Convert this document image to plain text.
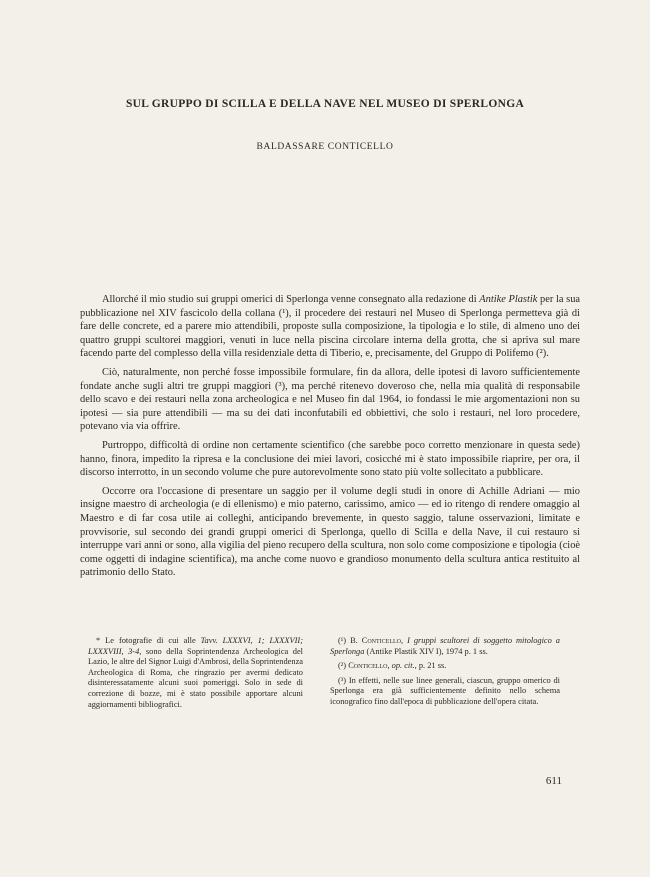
SUL GRUPPO DI SCILLA E DELLA NAVE NEL MUSEO DI SPERLONGA
BALDASSARE CONTICELLO

Allorché il mio studio sui gruppi omerici di Sperlonga venne consegnato alla redazione di Antike Plastik per la sua pubblicazione nel XIV fascicolo della collana (¹), il procedere dei restauri nel Museo di Sperlonga permetteva già di fare delle concrete, ed a parere mio attendibili, proposte sulla composizione, la tipologia e lo stile, di almeno uno dei quattro gruppi scultorei maggiori, venuti in luce nella piscina circolare interna della grotta, che si apriva sul mare facendo parte del complesso della villa residenziale detta di Tiberio, e, precisamente, del Gruppo di Polifemo (²).

Ciò, naturalmente, non perché fosse impossibile formulare, fin da allora, delle ipotesi di lavoro sufficientemente fondate anche sugli altri tre gruppi maggiori (³), ma perché ritenevo doveroso che, nella mia qualità di responsabile dello scavo e dei restauri nella zona archeologica e nel Museo fin dal 1964, io fondassi le mie argomentazioni non su ipotesi — sia pure attendibili — ma su dei dati inconfutabili ed obbiettivi, che solo i restauri, nel loro procedere, potevano via via offrire.

Purtroppo, difficoltà di ordine non certamente scientifico (che sarebbe poco corretto menzionare in questa sede) hanno, finora, impedito la ripresa e la conclusione dei miei lavori, cosicché mi è stato impossibile riaprire, per ora, il discorso interrotto, in un secondo volume che pure autorevolmente sono stato più volte sollecitato a pubblicare.

Occorre ora l'occasione di presentare un saggio per il volume degli studi in onore di Achille Adriani — mio insigne maestro di archeologia (e di ellenismo) e mio paterno, carissimo, amico — ed io ritengo di rendere omaggio al Maestro e di far cosa utile ai colleghi, anticipando brevemente, in questo saggio, talune osservazioni, limitate e provvisorie, sul secondo dei grandi gruppi omerici di Sperlonga, quello di Scilla e della Nave, il cui restauro si interruppe vari anni or sono, alla vigilia del pieno recupero della scultura, non solo come composizione e tipologia (cioè come oggetti di indagine scientifica), ma anche come nuovo e grandioso monumento della scultura antica restituito al patrimonio dello Stato.

* Le fotografie di cui alle Tavv. LXXXVI, 1; LXXXVII; LXXXVIII, 3-4, sono della Soprintendenza Archeologica del Lazio, le altre del Signor Luigi d'Ambrosi, della Soprintendenza Archeologica di Roma, che ringrazio per avermi dedicato disinteressatamente alcuni suoi pomeriggi. Solo in sede di correzione di bozze, mi è stato possibile apportare alcuni aggiornamenti bibliografici.

(¹) B. Conticello, I gruppi scultorei di soggetto mitologico a Sperlonga (Antike Plastik XIV I), 1974 p. 1 ss.

(²) Conticello, op. cit., p. 21 ss.

(³) In effetti, nelle sue linee generali, ciascun, gruppo omerico di Sperlonga era già sufficientemente definito nello schema iconografico fino dall'epoca di pubblicazione dell'opera citata.

611
